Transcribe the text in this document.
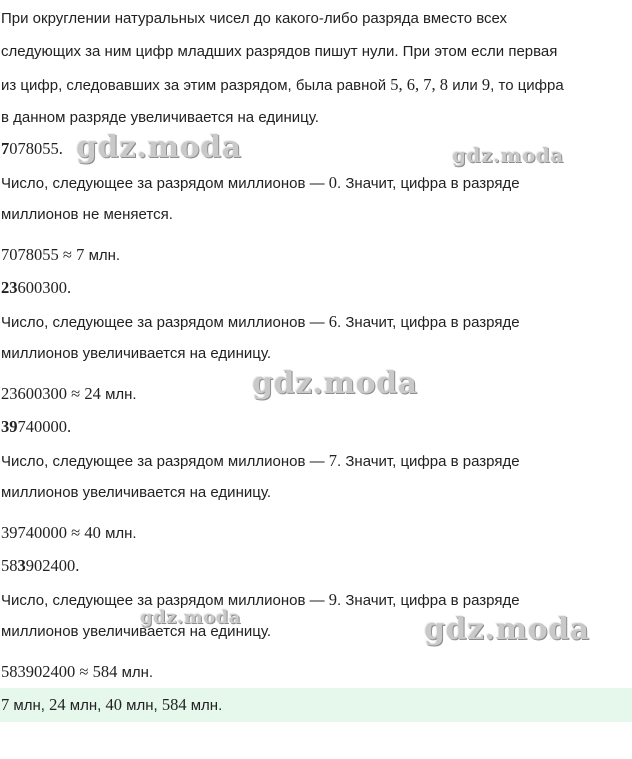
При округлении натуральных чисел до какого-либо разряда вместо всех
следующих за ним цифр младших разрядов пишут нули. При этом если первая
из цифр, следовавших за этим разрядом, была равной 5, 6, 7, 8 или 9, то цифра
в данном разряде увеличивается на единицу.
7078055.
Число, следующее за разрядом миллионов — 0. Значит, цифра в разряде
миллионов не меняется.
7078055 ≈ 7 млн.
23600300.
Число, следующее за разрядом миллионов — 6. Значит, цифра в разряде
миллионов увеличивается на единицу.
23600300 ≈ 24 млн.
39740000.
Число, следующее за разрядом миллионов — 7. Значит, цифра в разряде
миллионов увеличивается на единицу.
39740000 ≈ 40 млн.
583902400.
Число, следующее за разрядом миллионов — 9. Значит, цифра в разряде
миллионов увеличивается на единицу.
583902400 ≈ 584 млн.
7 млн, 24 млн, 40 млн, 584 млн.
gdz.moda	gdz.moda
gdz.moda
gdz.moda	gdz.moda
